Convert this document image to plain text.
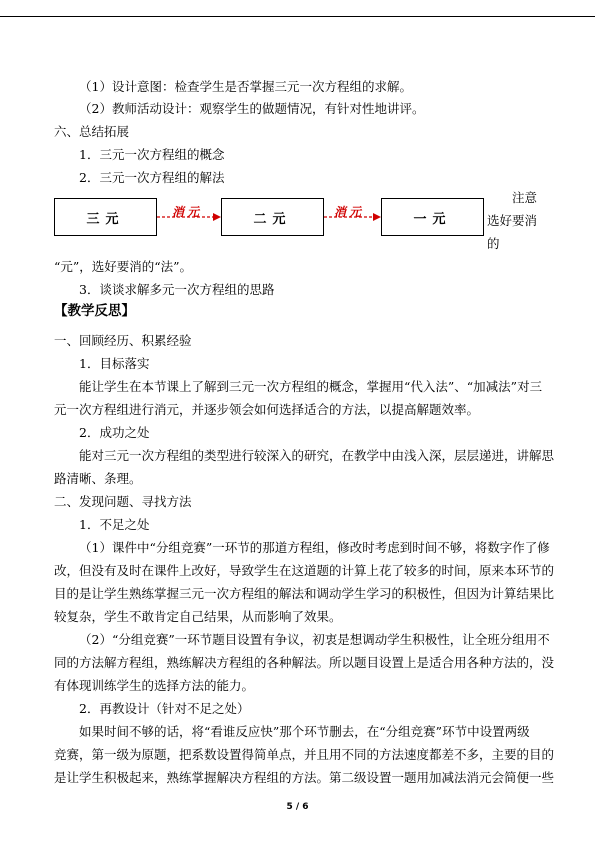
（1）设计意图：检查学生是否掌握三元一次方程组的求解。
（2）教师活动设计：观察学生的做题情况，有针对性地讲评。
六、总结拓展
1．三元一次方程组的概念
2．三元一次方程组的解法
三元	消元	二元	消元	一元
注意
选好要消
的
“元”，选好要消的“法”。
3．谈谈求解多元一次方程组的思路
【教学反思】
一、回顾经历、积累经验
1．目标落实
能让学生在本节课上了解到三元一次方程组的概念，掌握用“代入法”、“加减法”对三
元一次方程组进行消元，并逐步领会如何选择适合的方法，以提高解题效率。
2．成功之处
能对三元一次方程组的类型进行较深入的研究，在教学中由浅入深，层层递进，讲解思
路清晰、条理。
二、发现问题、寻找方法
1．不足之处
（1）课件中“分组竞赛”一环节的那道方程组，修改时考虑到时间不够，将数字作了修
改，但没有及时在课件上改好，导致学生在这道题的计算上花了较多的时间，原来本环节的
目的是让学生熟练掌握三元一次方程组的解法和调动学生学习的积极性，但因为计算结果比
较复杂，学生不敢肯定自己结果，从而影响了效果。
（2）“分组竞赛”一环节题目设置有争议，初衷是想调动学生积极性，让全班分组用不
同的方法解方程组，熟练解决方程组的各种解法。所以题目设置上是适合用各种方法的，没
有体现训练学生的选择方法的能力。
2．再教设计（针对不足之处）
如果时间不够的话，将“看谁反应快”那个环节删去，在“分组竞赛”环节中设置两级
竞赛，第一级为原题，把系数设置得简单点，并且用不同的方法速度都差不多，主要的目的
是让学生积极起来，熟练掌握解决方程组的方法。第二级设置一题用加减法消元会简便一些
5 / 6
